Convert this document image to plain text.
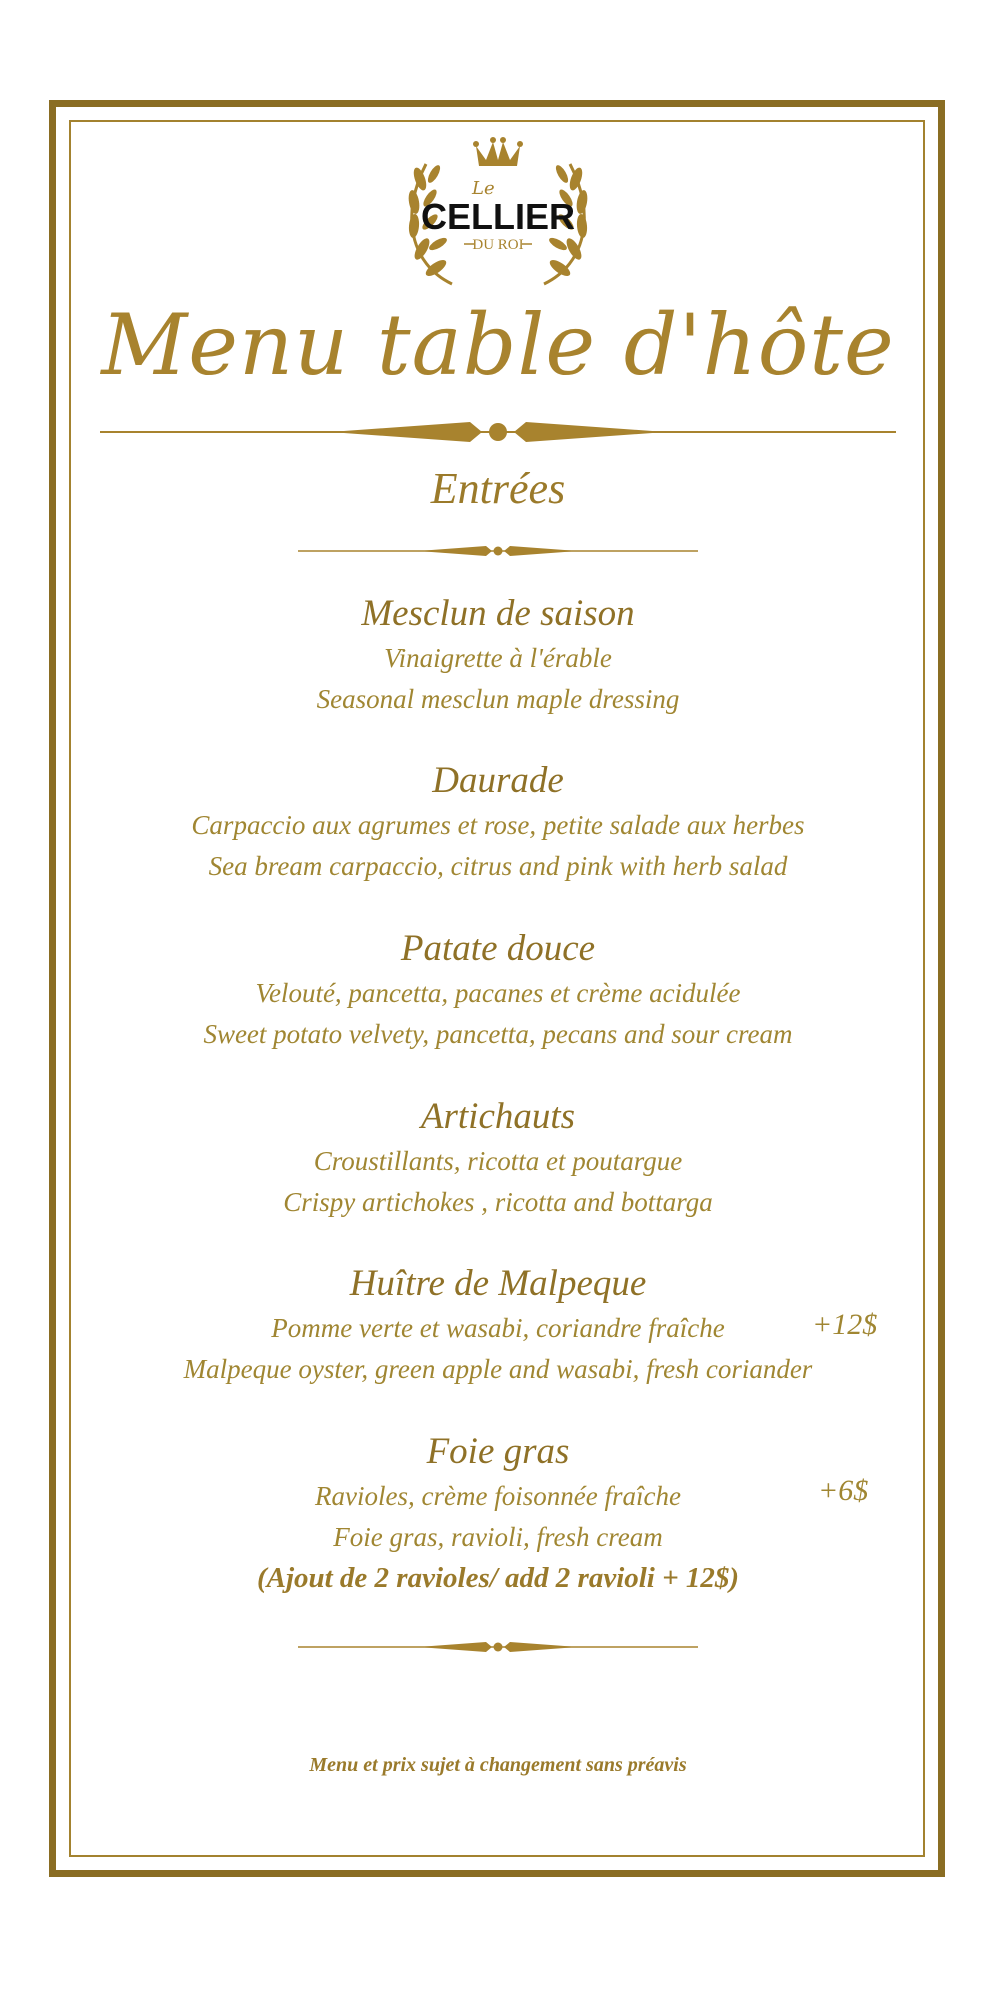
Le
CELLIER
DU ROI
Menu table d'hôte
Entrées
Mesclun de saison
Vinaigrette à l'érable
Seasonal mesclun maple dressing
Daurade
Carpaccio aux agrumes et rose, petite salade aux herbes
Sea bream carpaccio, citrus and pink with herb salad
Patate douce
Velouté, pancetta, pacanes et crème acidulée
Sweet potato velvety, pancetta, pecans and sour cream
Artichauts
Croustillants, ricotta et poutargue
Crispy artichokes , ricotta and bottarga
Huître de Malpeque
Pomme verte et wasabi, coriandre fraîche
Malpeque oyster, green apple and wasabi, fresh coriander
+12$
Foie gras
Ravioles, crème foisonnée fraîche
Foie gras, ravioli, fresh cream
(Ajout de 2 ravioles/ add 2 ravioli + 12$)
+6$
Menu et prix sujet à changement sans préavis
